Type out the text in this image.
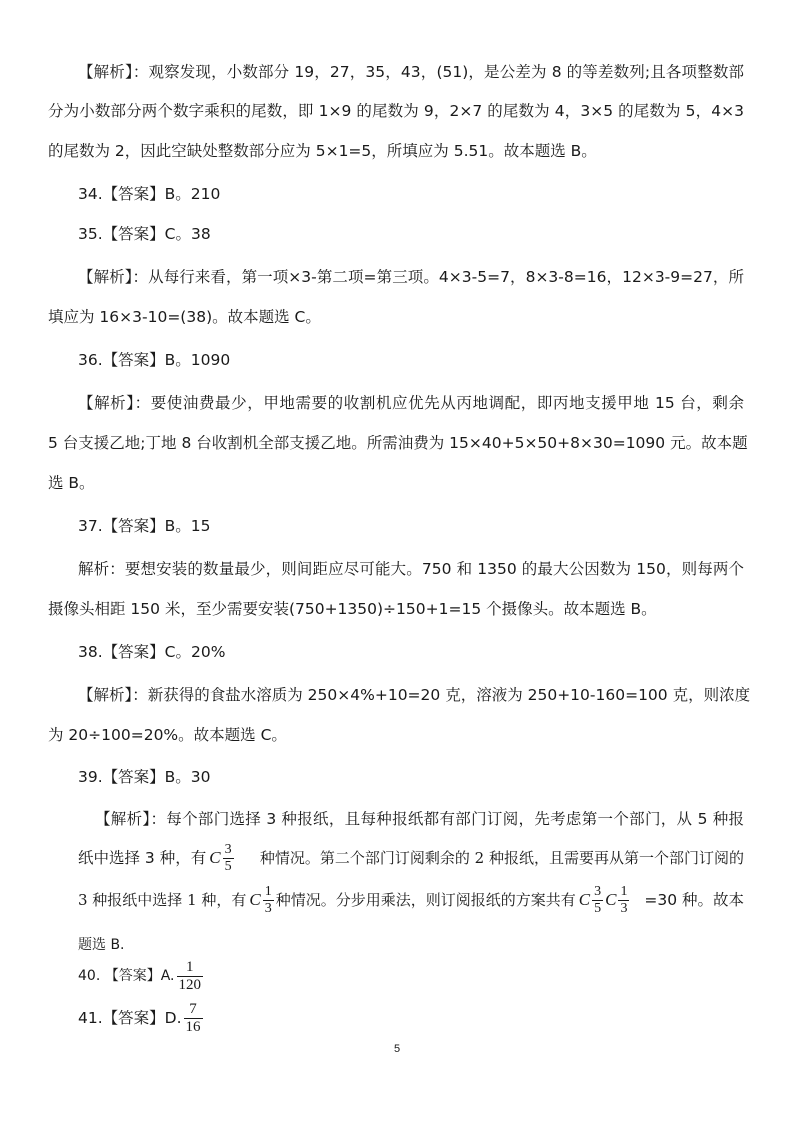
【解析】：观察发现，小数部分 19，27，35，43，(51)，是公差为 8 的等差数列;且各项整数部
分为小数部分两个数字乘积的尾数，即 1×9 的尾数为 9，2×7 的尾数为 4，3×5 的尾数为 5，4×3
的尾数为 2，因此空缺处整数部分应为 5×1=5，所填应为 5.51。故本题选 B。
34.【答案】B。210
35.【答案】C。38
【解析】：从每行来看，第一项×3-第二项=第三项。4×3-5=7，8×3-8=16，12×3-9=27，所
填应为 16×3-10=(38)。故本题选 C。
36.【答案】B。1090
【解析】：要使油费最少，甲地需要的收割机应优先从丙地调配，即丙地支援甲地 15 台，剩余
5 台支援乙地;丁地 8 台收割机全部支援乙地。所需油费为 15×40+5×50+8×30=1090 元。故本题
选 B。
37.【答案】B。15
解析：要想安装的数量最少，则间距应尽可能大。750 和 1350 的最大公因数为 150，则每两个
摄像头相距 150 米，至少需要安装(750+1350)÷150+1=15 个摄像头。故本题选 B。
38.【答案】C。20%
【解析】：新获得的食盐水溶质为 250×4%+10=20 克，溶液为 250+10-160=100 克，则浓度
为 20÷100=20%。故本题选 C。
39.【答案】B。30
【解析】：每个部门选择 3 种报纸，且每种报纸都有部门订阅，先考虑第一个部门，从 5 种报
纸中选择 3 种，有 C $\frac{3}{5}$ 种情况。第二个部门订阅剩余的 2 种报纸，且需要再从第一个部门订阅的
3 种报纸中选择 1 种，有 C $\frac{1}{3}$ 种情况。分步用乘法，则订阅报纸的方案共有 C $\frac{3}{5}$ C $\frac{1}{3} =30$ 种。故本
题选 B.
40. 【答案】A. $\frac{1}{120}$
41.【答案】D. $\frac{7}{16}$
5
